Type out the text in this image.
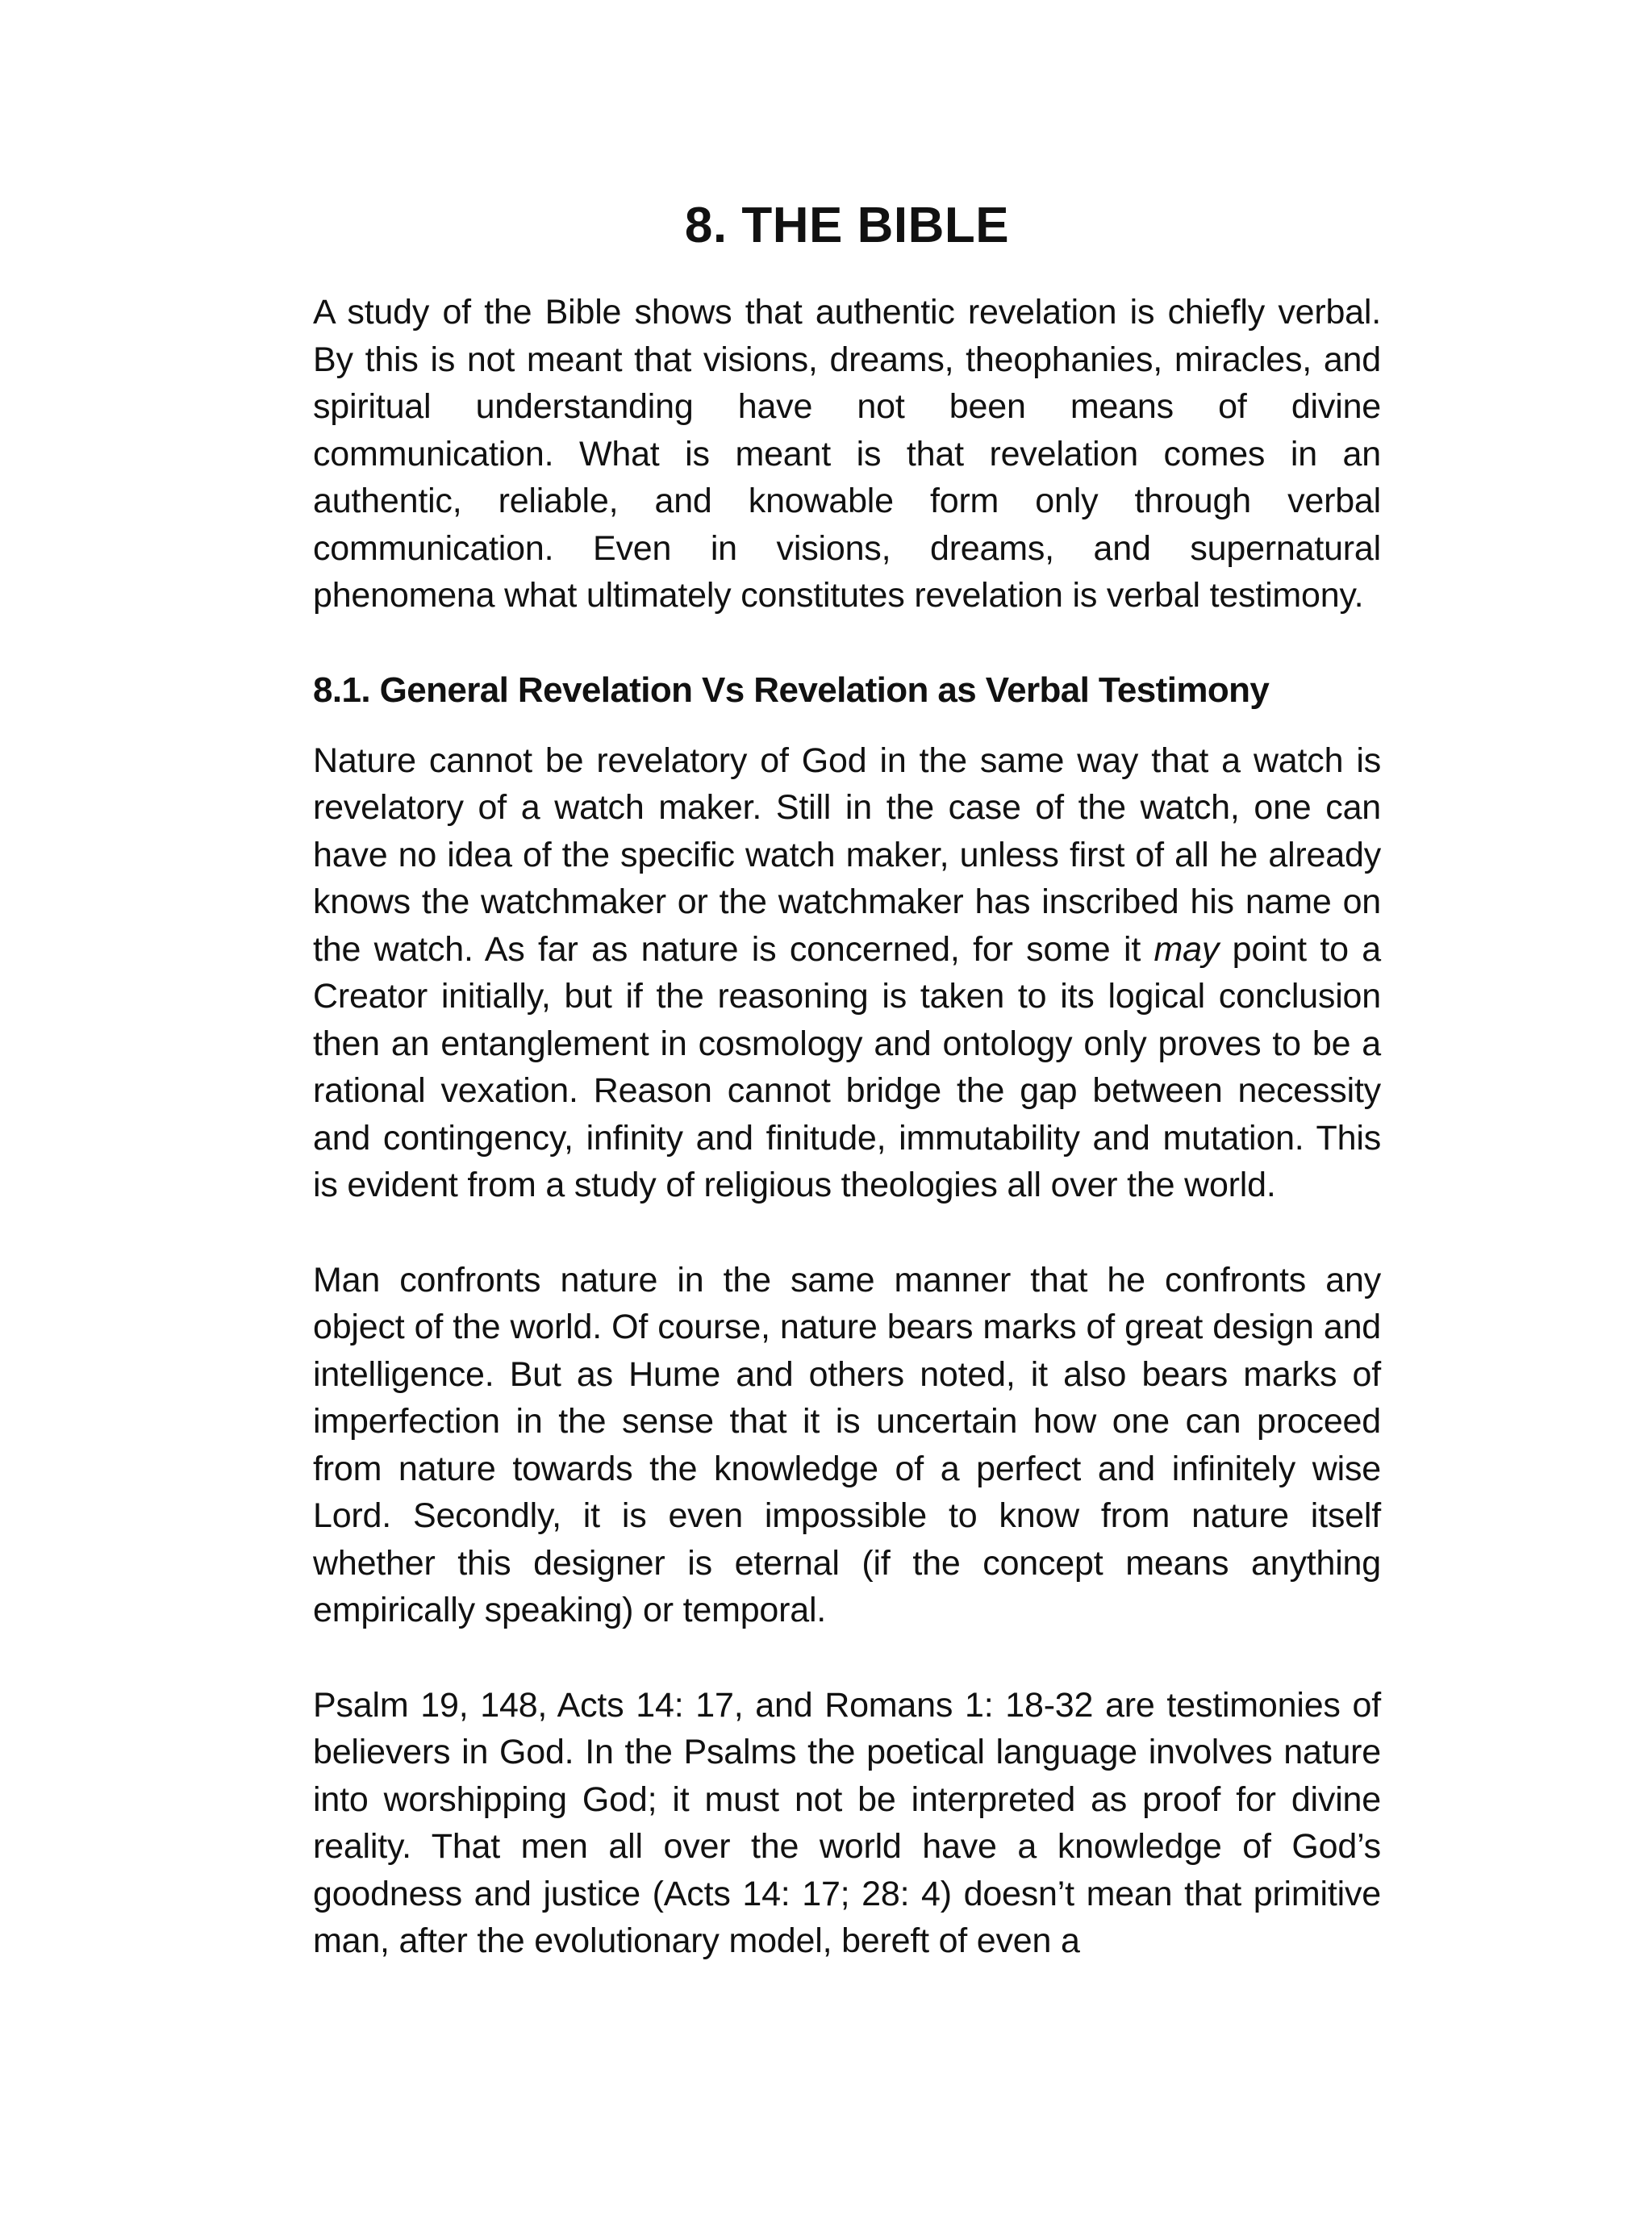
8. THE BIBLE

A study of the Bible shows that authentic revelation is chiefly verbal. By this is not meant that visions, dreams, theophanies, miracles, and spiritual understanding have not been means of divine communication. What is meant is that revelation comes in an authentic, reliable, and knowable form only through verbal communication. Even in visions, dreams, and supernatural phenomena what ultimately constitutes revelation is verbal testimony.

8.1. General Revelation Vs Revelation as Verbal Testimony

Nature cannot be revelatory of God in the same way that a watch is revelatory of a watch maker. Still in the case of the watch, one can have no idea of the specific watch maker, unless first of all he already knows the watchmaker or the watchmaker has inscribed his name on the watch. As far as nature is concerned, for some it may point to a Creator initially, but if the reasoning is taken to its logical conclusion then an entanglement in cosmology and ontology only proves to be a rational vexation. Reason cannot bridge the gap between necessity and contingency, infinity and finitude, immutability and mutation. This is evident from a study of religious theologies all over the world.

Man confronts nature in the same manner that he confronts any object of the world. Of course, nature bears marks of great design and intelligence. But as Hume and others noted, it also bears marks of imperfection in the sense that it is uncertain how one can proceed from nature towards the knowledge of a perfect and infinitely wise Lord. Secondly, it is even impossible to know from nature itself whether this designer is eternal (if the concept means anything empirically speaking) or temporal.

Psalm 19, 148, Acts 14: 17, and Romans 1: 18-32 are testimonies of believers in God. In the Psalms the poetical language involves nature into worshipping God; it must not be interpreted as proof for divine reality. That men all over the world have a knowledge of God’s goodness and justice (Acts 14: 17; 28: 4) doesn’t mean that primitive man, after the evolutionary model, bereft of even a
